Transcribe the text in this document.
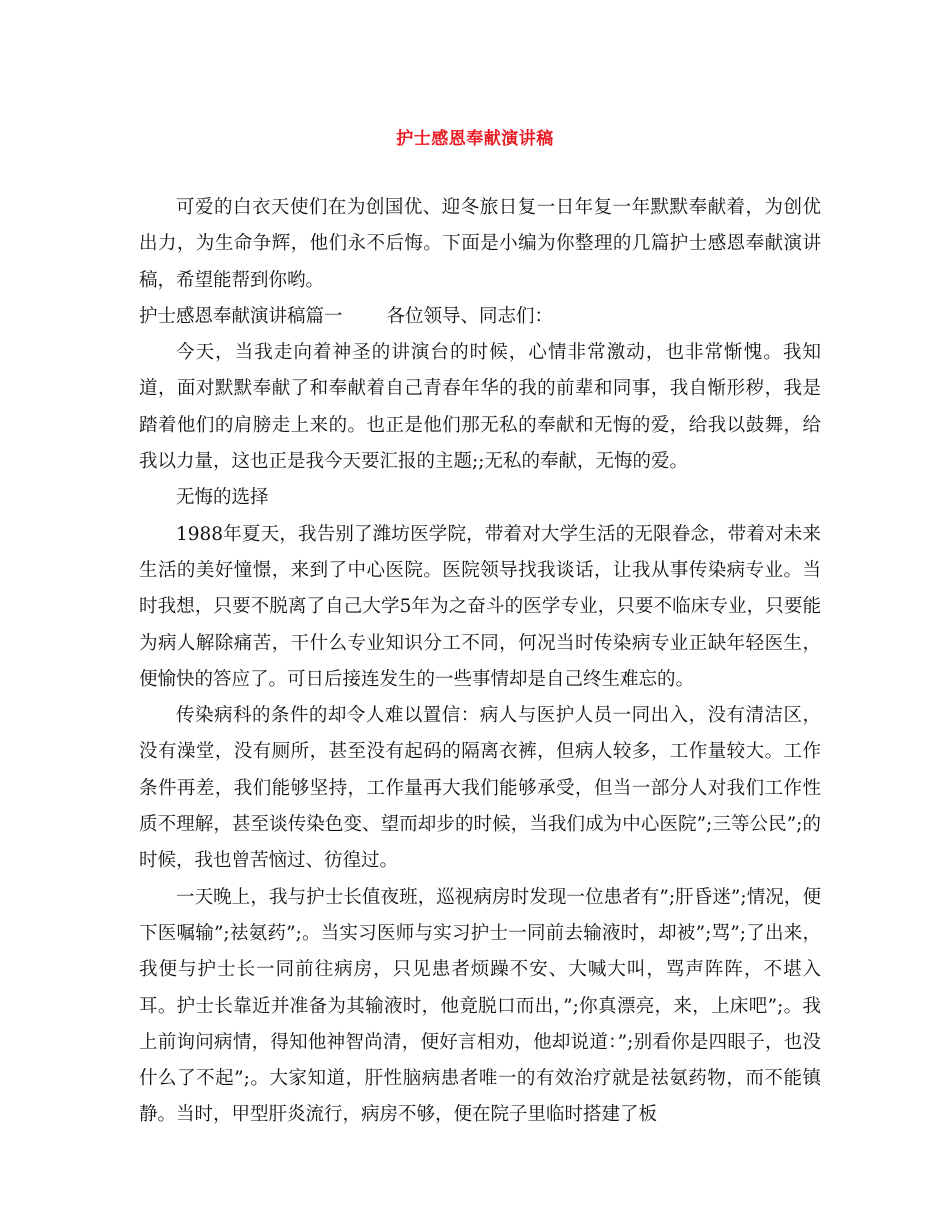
护士感恩奉献演讲稿

可爱的白衣天使们在为创国优、迎冬旅日复一日年复一年默默奉献着，为创优出力，为生命争辉，他们永不后悔。下面是小编为你整理的几篇护士感恩奉献演讲稿，希望能帮到你哟。

护士感恩奉献演讲稿篇一 各位领导、同志们：

今天，当我走向着神圣的讲演台的时候，心情非常激动，也非常惭愧。我知道，面对默默奉献了和奉献着自己青春年华的我的前辈和同事，我自惭形秽，我是踏着他们的肩膀走上来的。也正是他们那无私的奉献和无悔的爱，给我以鼓舞，给我以力量，这也正是我今天要汇报的主题;;无私的奉献，无悔的爱。

无悔的选择

1988年夏天，我告别了潍坊医学院，带着对大学生活的无限眷念，带着对未来生活的美好憧憬，来到了中心医院。医院领导找我谈话，让我从事传染病专业。当时我想，只要不脱离了自己大学5年为之奋斗的医学专业，只要不临床专业，只要能为病人解除痛苦，干什么专业知识分工不同，何况当时传染病专业正缺年轻医生，便愉快的答应了。可日后接连发生的一些事情却是自己终生难忘的。

传染病科的条件的却令人难以置信：病人与医护人员一同出入，没有清洁区，没有澡堂，没有厕所，甚至没有起码的隔离衣裤，但病人较多，工作量较大。工作条件再差，我们能够坚持，工作量再大我们能够承受，但当一部分人对我们工作性质不理解，甚至谈传染色变、望而却步的时候，当我们成为中心医院”;三等公民”;的时候，我也曾苦恼过、彷徨过。

一天晚上，我与护士长值夜班，巡视病房时发现一位患者有”;肝昏迷”;情况，便下医嘱输”;祛氨药”;。当实习医师与实习护士一同前去输液时，却被”;骂”;了出来，我便与护士长一同前往病房，只见患者烦躁不安、大喊大叫，骂声阵阵，不堪入耳。护士长靠近并准备为其输液时，他竟脱口而出，”;你真漂亮，来，上床吧”;。我上前询问病情，得知他神智尚清，便好言相劝，他却说道：”;别看你是四眼子，也没什么了不起”;。大家知道，肝性脑病患者唯一的有效治疗就是祛氨药物，而不能镇静。当时，甲型肝炎流行，病房不够，便在院子里临时搭建了板
